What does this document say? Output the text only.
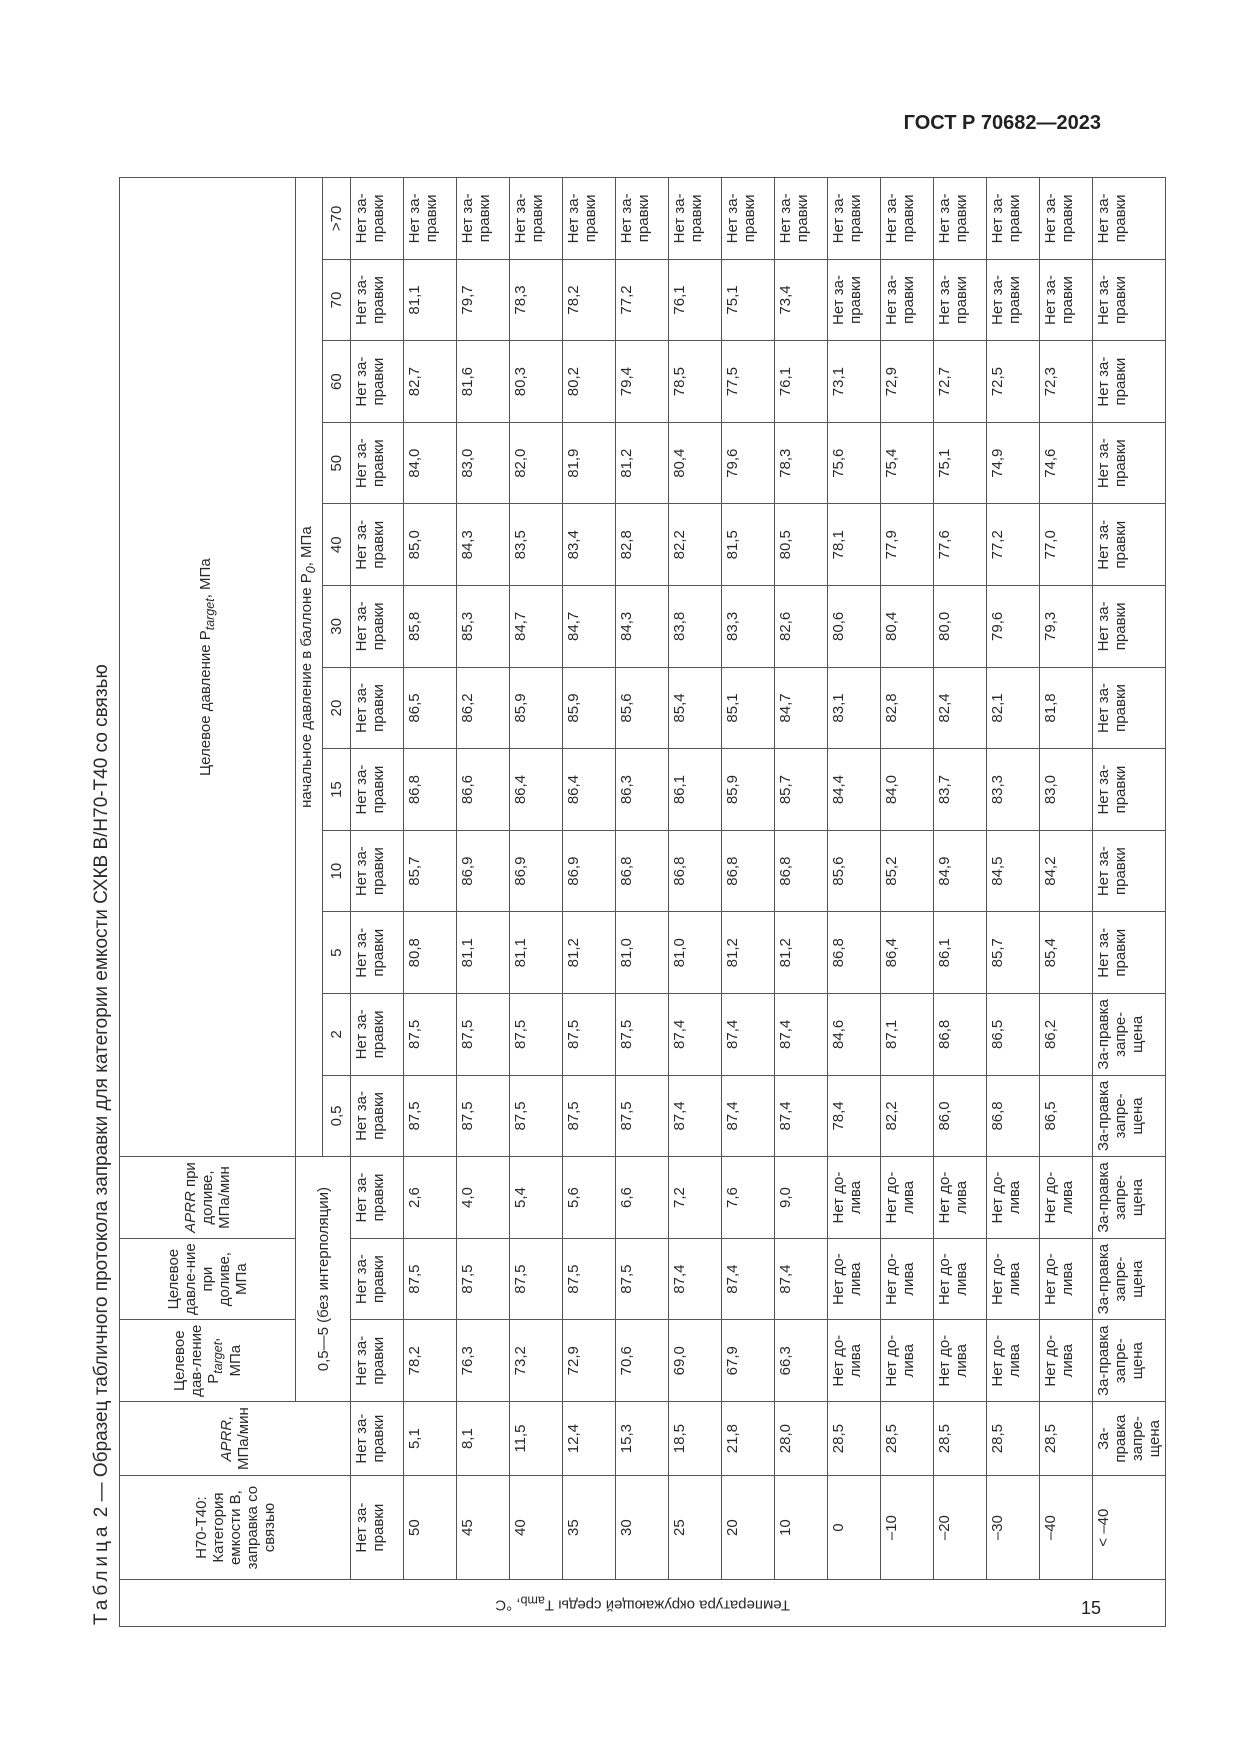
ГОСТ Р 70682—2023
Таблица 2 — Образец табличного протокола заправки для категории емкости СХКВ В/Н70-Т40 со связью
Температура окружающей среды $T_{amb}$, °С	Н70-Т40: Категория емкости В, заправка со связью	APRR, МПа/мин	Целевое дав-ление $P_{target}$, МПа	Целевое давле-ние при доливе, МПа	APRR при доливе, МПа/мин	Целевое давление $P_{target}$, МПа											
			0,5—5 (без интерполяции)			начальное давление в баллоне $P_0$, МПа											
						0,5	2	5	10	15	20	30	40	50	60	70	>70
	Нет за-правки	Нет за-правки	Нет за-правки	Нет за-правки	Нет за-правки	Нет за-правки	Нет за-правки	Нет за-правки	Нет за-правки	Нет за-правки	Нет за-правки	Нет за-правки	Нет за-правки	Нет за-правки	Нет за-правки	Нет за-правки	Нет за-правки
	50	5,1	78,2	87,5	2,6	87,5	87,5	80,8	85,7	86,8	86,5	85,8	85,0	84,0	82,7	81,1	Нет за-правки
	45	8,1	76,3	87,5	4,0	87,5	87,5	81,1	86,9	86,6	86,2	85,3	84,3	83,0	81,6	79,7	Нет за-правки
	40	11,5	73,2	87,5	5,4	87,5	87,5	81,1	86,9	86,4	85,9	84,7	83,5	82,0	80,3	78,3	Нет за-правки
	35	12,4	72,9	87,5	5,6	87,5	87,5	81,2	86,9	86,4	85,9	84,7	83,4	81,9	80,2	78,2	Нет за-правки
	30	15,3	70,6	87,5	6,6	87,5	87,5	81,0	86,8	86,3	85,6	84,3	82,8	81,2	79,4	77,2	Нет за-правки
	25	18,5	69,0	87,4	7,2	87,4	87,4	81,0	86,8	86,1	85,4	83,8	82,2	80,4	78,5	76,1	Нет за-правки
	20	21,8	67,9	87,4	7,6	87,4	87,4	81,2	86,8	85,9	85,1	83,3	81,5	79,6	77,5	75,1	Нет за-правки
	10	28,0	66,3	87,4	9,0	87,4	87,4	81,2	86,8	85,7	84,7	82,6	80,5	78,3	76,1	73,4	Нет за-правки
	0	28,5	Нет до-лива	Нет до-лива	Нет до-лива	78,4	84,6	86,8	85,6	84,4	83,1	80,6	78,1	75,6	73,1	Нет за-правки	Нет за-правки
	–10	28,5	Нет до-лива	Нет до-лива	Нет до-лива	82,2	87,1	86,4	85,2	84,0	82,8	80,4	77,9	75,4	72,9	Нет за-правки	Нет за-правки
	–20	28,5	Нет до-лива	Нет до-лива	Нет до-лива	86,0	86,8	86,1	84,9	83,7	82,4	80,0	77,6	75,1	72,7	Нет за-правки	Нет за-правки
	–30	28,5	Нет до-лива	Нет до-лива	Нет до-лива	86,8	86,5	85,7	84,5	83,3	82,1	79,6	77,2	74,9	72,5	Нет за-правки	Нет за-правки
	–40	28,5	Нет до-лива	Нет до-лива	Нет до-лива	86,5	86,2	85,4	84,2	83,0	81,8	79,3	77,0	74,6	72,3	Нет за-правки	Нет за-правки
	< –40	За-правка запре-щена	За-правка запре-щена	За-правка запре-щена	За-правка запре-щена	За-правка запре-щена	За-правка запре-щена	Нет за-правки	Нет за-правки	Нет за-правки	Нет за-правки	Нет за-правки	Нет за-правки	Нет за-правки	Нет за-правки	Нет за-правки	Нет за-правки
15
